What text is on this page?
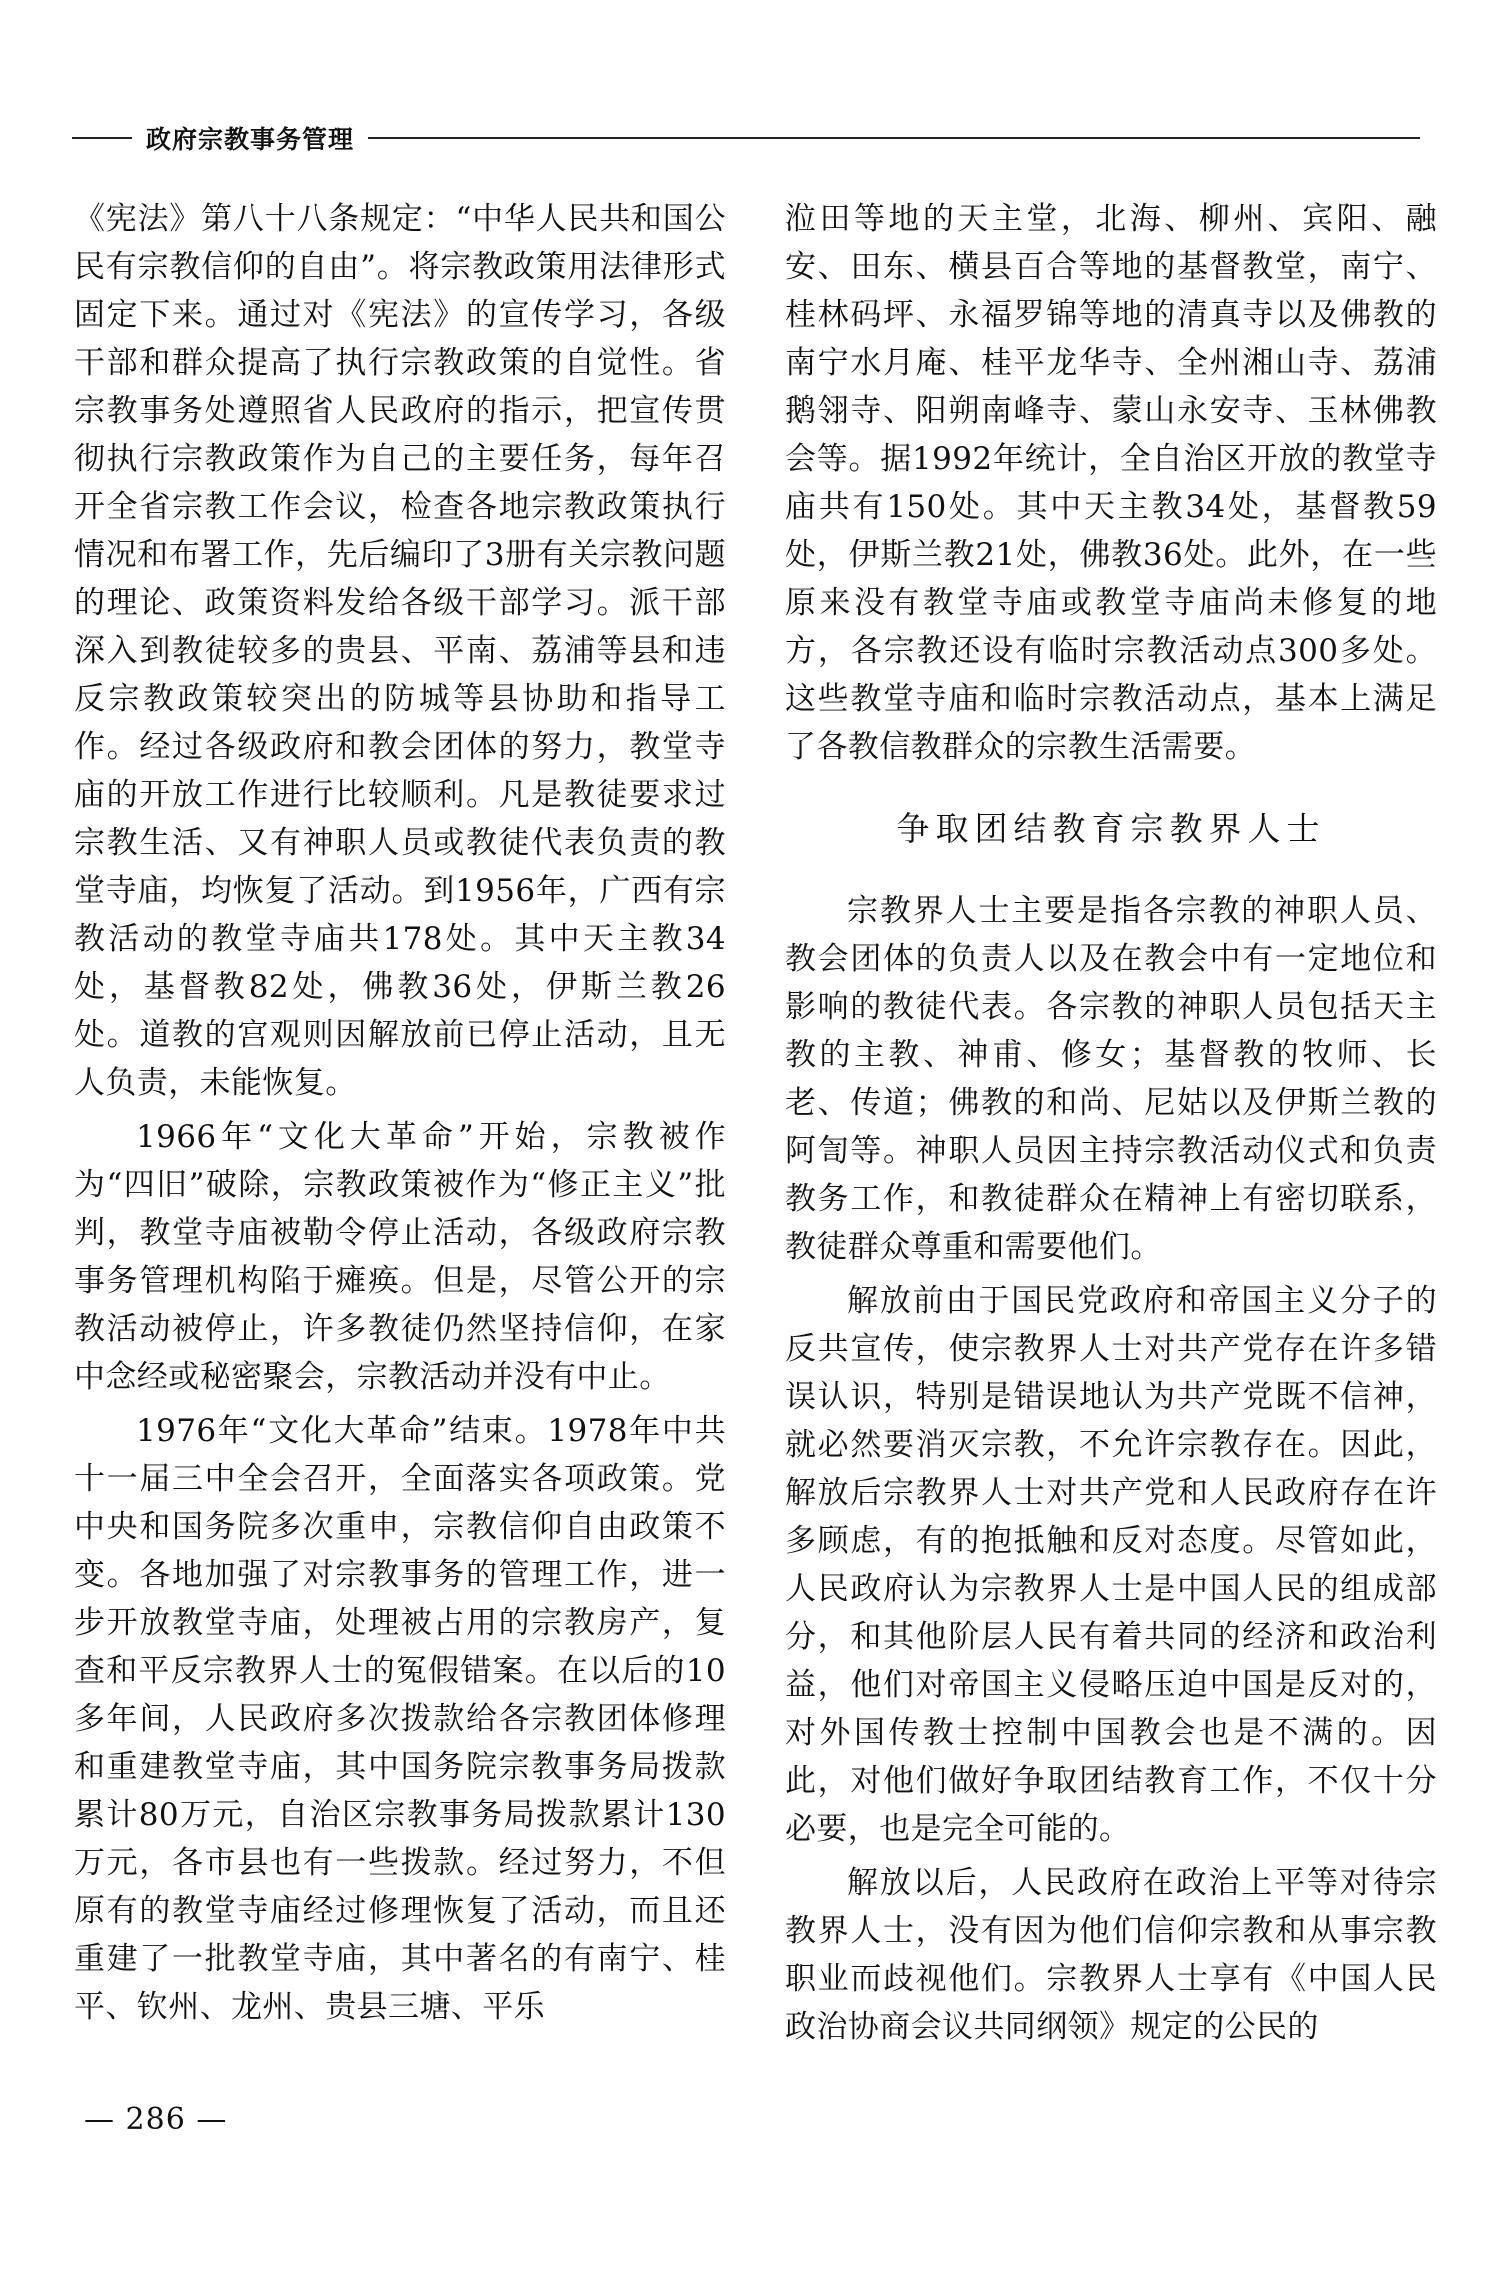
政府宗教事务管理

《宪法》第八十八条规定：“中华人民共和国公民有宗教信仰的自由”。将宗教政策用法律形式固定下来。通过对《宪法》的宣传学习，各级干部和群众提高了执行宗教政策的自觉性。省宗教事务处遵照省人民政府的指示，把宣传贯彻执行宗教政策作为自己的主要任务，每年召开全省宗教工作会议，检查各地宗教政策执行情况和布署工作，先后编印了3册有关宗教问题的理论、政策资料发给各级干部学习。派干部深入到教徒较多的贵县、平南、荔浦等县和违反宗教政策较突出的防城等县协助和指导工作。经过各级政府和教会团体的努力，教堂寺庙的开放工作进行比较顺利。凡是教徒要求过宗教生活、又有神职人员或教徒代表负责的教堂寺庙，均恢复了活动。到1956年，广西有宗教活动的教堂寺庙共178处。其中天主教34处，基督教82处，佛教36处，伊斯兰教26处。道教的宫观则因解放前已停止活动，且无人负责，未能恢复。

1966年“文化大革命”开始，宗教被作为“四旧”破除，宗教政策被作为“修正主义”批判，教堂寺庙被勒令停止活动，各级政府宗教事务管理机构陷于瘫痪。但是，尽管公开的宗教活动被停止，许多教徒仍然坚持信仰，在家中念经或秘密聚会，宗教活动并没有中止。

1976年“文化大革命”结束。1978年中共十一届三中全会召开，全面落实各项政策。党中央和国务院多次重申，宗教信仰自由政策不变。各地加强了对宗教事务的管理工作，进一步开放教堂寺庙，处理被占用的宗教房产，复查和平反宗教界人士的冤假错案。在以后的10多年间，人民政府多次拨款给各宗教团体修理和重建教堂寺庙，其中国务院宗教事务局拨款累计80万元，自治区宗教事务局拨款累计130万元，各市县也有一些拨款。经过努力，不但原有的教堂寺庙经过修理恢复了活动，而且还重建了一批教堂寺庙，其中著名的有南宁、桂平、钦州、龙州、贵县三塘、平乐

涖田等地的天主堂，北海、柳州、宾阳、融安、田东、横县百合等地的基督教堂，南宁、桂林码坪、永福罗锦等地的清真寺以及佛教的南宁水月庵、桂平龙华寺、全州湘山寺、荔浦鹅翎寺、阳朔南峰寺、蒙山永安寺、玉林佛教会等。据1992年统计，全自治区开放的教堂寺庙共有150处。其中天主教34处，基督教59处，伊斯兰教21处，佛教36处。此外，在一些原来没有教堂寺庙或教堂寺庙尚未修复的地方，各宗教还设有临时宗教活动点300多处。这些教堂寺庙和临时宗教活动点，基本上满足了各教信教群众的宗教生活需要。

争取团结教育宗教界人士

宗教界人士主要是指各宗教的神职人员、教会团体的负责人以及在教会中有一定地位和影响的教徒代表。各宗教的神职人员包括天主教的主教、神甫、修女；基督教的牧师、长老、传道；佛教的和尚、尼姑以及伊斯兰教的阿訇等。神职人员因主持宗教活动仪式和负责教务工作，和教徒群众在精神上有密切联系，教徒群众尊重和需要他们。

解放前由于国民党政府和帝国主义分子的反共宣传，使宗教界人士对共产党存在许多错误认识，特别是错误地认为共产党既不信神，就必然要消灭宗教，不允许宗教存在。因此，解放后宗教界人士对共产党和人民政府存在许多顾虑，有的抱抵触和反对态度。尽管如此，人民政府认为宗教界人士是中国人民的组成部分，和其他阶层人民有着共同的经济和政治利益，他们对帝国主义侵略压迫中国是反对的，对外国传教士控制中国教会也是不满的。因此，对他们做好争取团结教育工作，不仅十分必要，也是完全可能的。

解放以后，人民政府在政治上平等对待宗教界人士，没有因为他们信仰宗教和从事宗教职业而歧视他们。宗教界人士享有《中国人民政治协商会议共同纲领》规定的公民的

— 286 —
